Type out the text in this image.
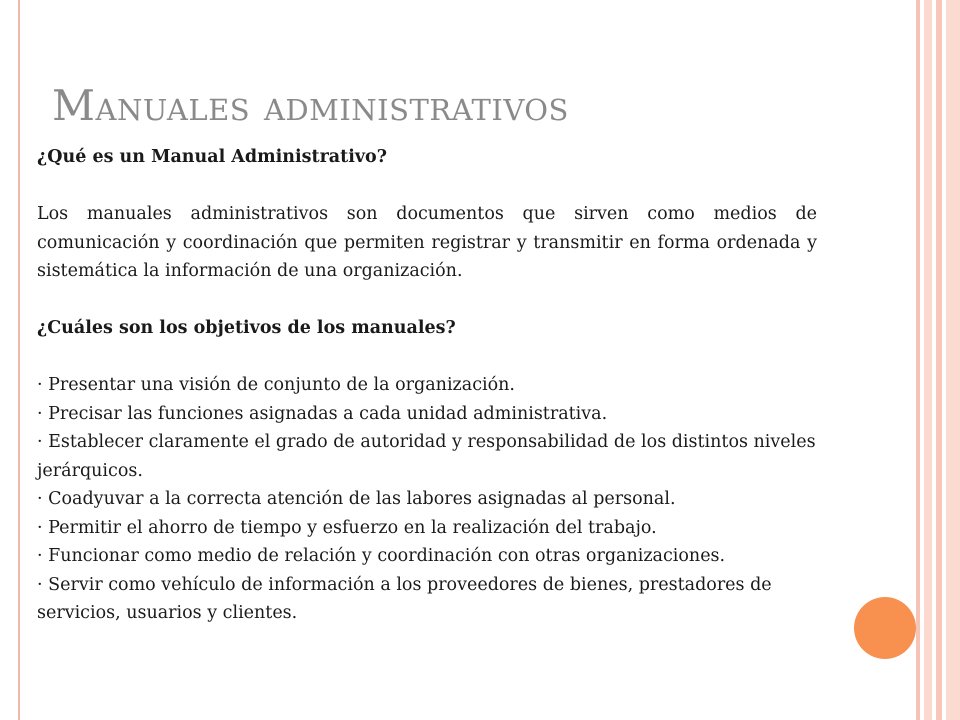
Manuales administrativos

¿Qué es un Manual Administrativo?

Los manuales administrativos son documentos que sirven como medios de comunicación y coordinación que permiten registrar y transmitir en forma ordenada y sistemática la información de una organización.

¿Cuáles son los objetivos de los manuales?

· Presentar una visión de conjunto de la organización.

· Precisar las funciones asignadas a cada unidad administrativa.

· Establecer claramente el grado de autoridad y responsabilidad de los distintos niveles jerárquicos.

· Coadyuvar a la correcta atención de las labores asignadas al personal.

· Permitir el ahorro de tiempo y esfuerzo en la realización del trabajo.

· Funcionar como medio de relación y coordinación con otras organizaciones.

· Servir como vehículo de información a los proveedores de bienes, prestadores de servicios, usuarios y clientes.
